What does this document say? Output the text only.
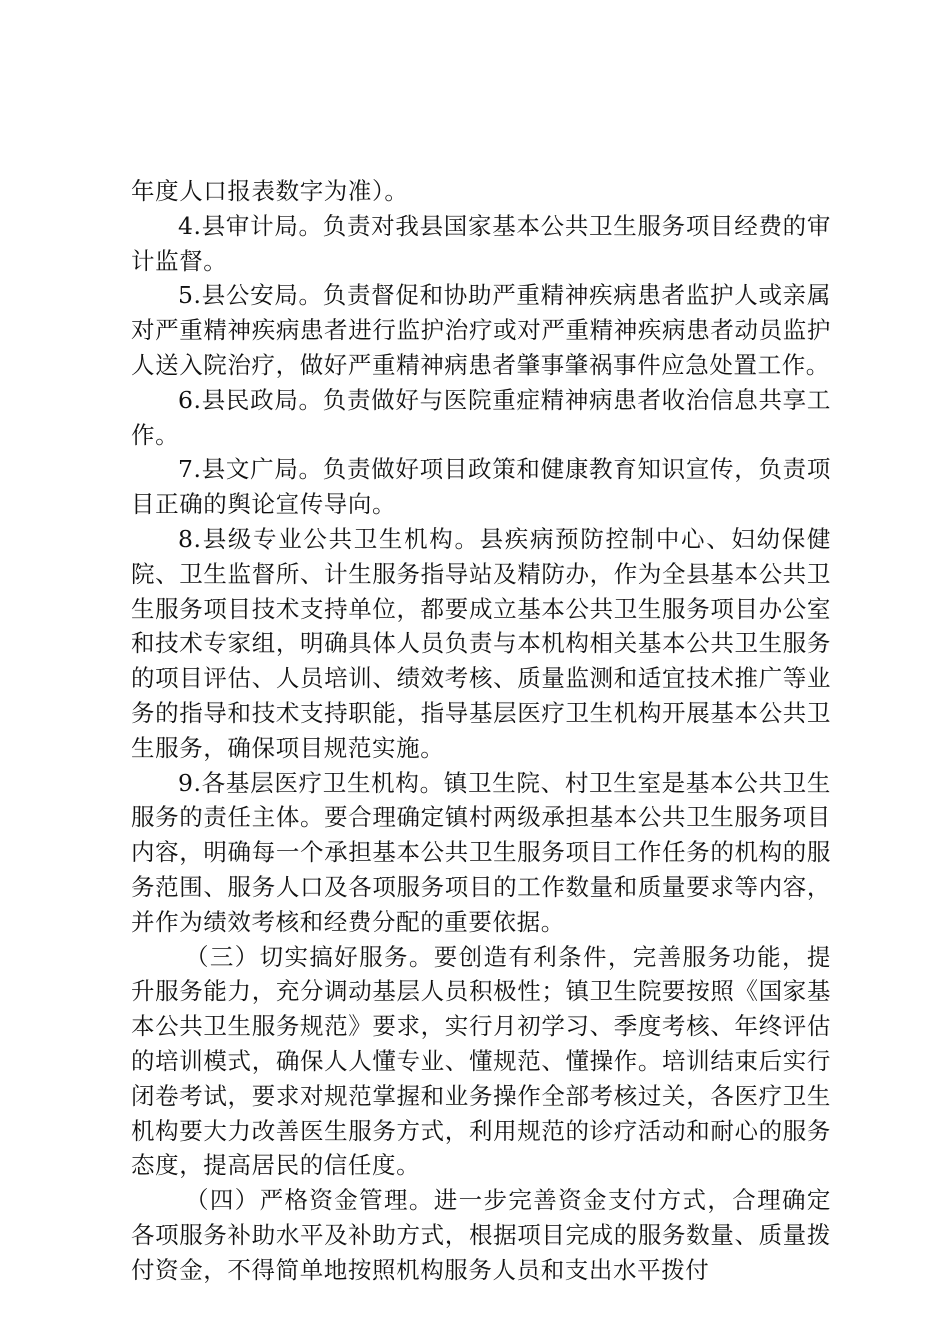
年度人口报表数字为准）。

4.县审计局。负责对我县国家基本公共卫生服务项目经费的审计监督。

5.县公安局。负责督促和协助严重精神疾病患者监护人或亲属对严重精神疾病患者进行监护治疗或对严重精神疾病患者动员监护人送入院治疗，做好严重精神病患者肇事肇祸事件应急处置工作。

6.县民政局。负责做好与医院重症精神病患者收治信息共享工作。

7.县文广局。负责做好项目政策和健康教育知识宣传，负责项目正确的舆论宣传导向。

8.县级专业公共卫生机构。县疾病预防控制中心、妇幼保健院、卫生监督所、计生服务指导站及精防办，作为全县基本公共卫生服务项目技术支持单位，都要成立基本公共卫生服务项目办公室和技术专家组，明确具体人员负责与本机构相关基本公共卫生服务的项目评估、人员培训、绩效考核、质量监测和适宜技术推广等业务的指导和技术支持职能，指导基层医疗卫生机构开展基本公共卫生服务，确保项目规范实施。

9.各基层医疗卫生机构。镇卫生院、村卫生室是基本公共卫生服务的责任主体。要合理确定镇村两级承担基本公共卫生服务项目内容，明确每一个承担基本公共卫生服务项目工作任务的机构的服务范围、服务人口及各项服务项目的工作数量和质量要求等内容，并作为绩效考核和经费分配的重要依据。

（三）切实搞好服务。要创造有利条件，完善服务功能，提升服务能力，充分调动基层人员积极性；镇卫生院要按照《国家基本公共卫生服务规范》要求，实行月初学习、季度考核、年终评估的培训模式，确保人人懂专业、懂规范、懂操作。培训结束后实行闭卷考试，要求对规范掌握和业务操作全部考核过关，各医疗卫生机构要大力改善医生服务方式，利用规范的诊疗活动和耐心的服务态度，提高居民的信任度。

（四）严格资金管理。进一步完善资金支付方式，合理确定各项服务补助水平及补助方式，根据项目完成的服务数量、质量拨付资金，不得简单地按照机构服务人员和支出水平拨付
